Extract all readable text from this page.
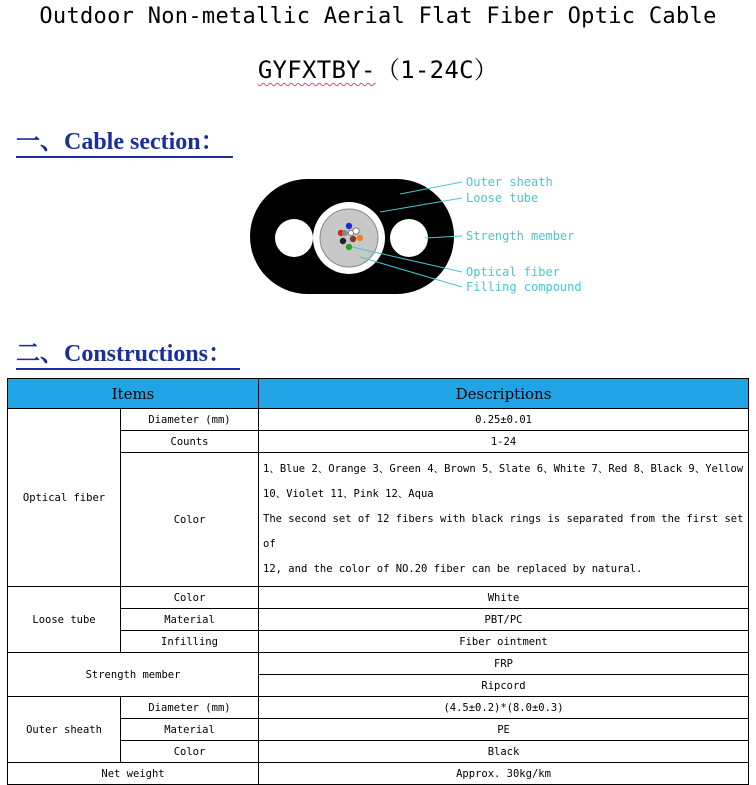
Outdoor Non-metallic Aerial Flat Fiber Optic Cable
GYFXTBY-（1-24C）
一、Cable section：
Outer sheath
Loose tube
Strength member
Optical fiber
Filling compound
二、Constructions：
Items		Descriptions
Optical fiber	Diameter (mm)	0.25±0.01
	Counts	1-24
	Color	1、Blue 2、Orange 3、Green 4、Brown 5、Slate 6、White 7、Red 8、Black 9、Yellow
10、Violet 11、Pink 12、Aqua
The second set of 12 fibers with black rings is separated from the first set of
12, and the color of NO.20 fiber can be replaced by natural.

Loose tube	Color	White
	Material	PBT/PC
	Infilling	Fiber ointment
Strength member		FRP
		Ripcord
Outer sheath	Diameter (mm)	(4.5±0.2)*(8.0±0.3)
	Material	PE
	Color	Black
Net weight		Approx. 30kg/km
